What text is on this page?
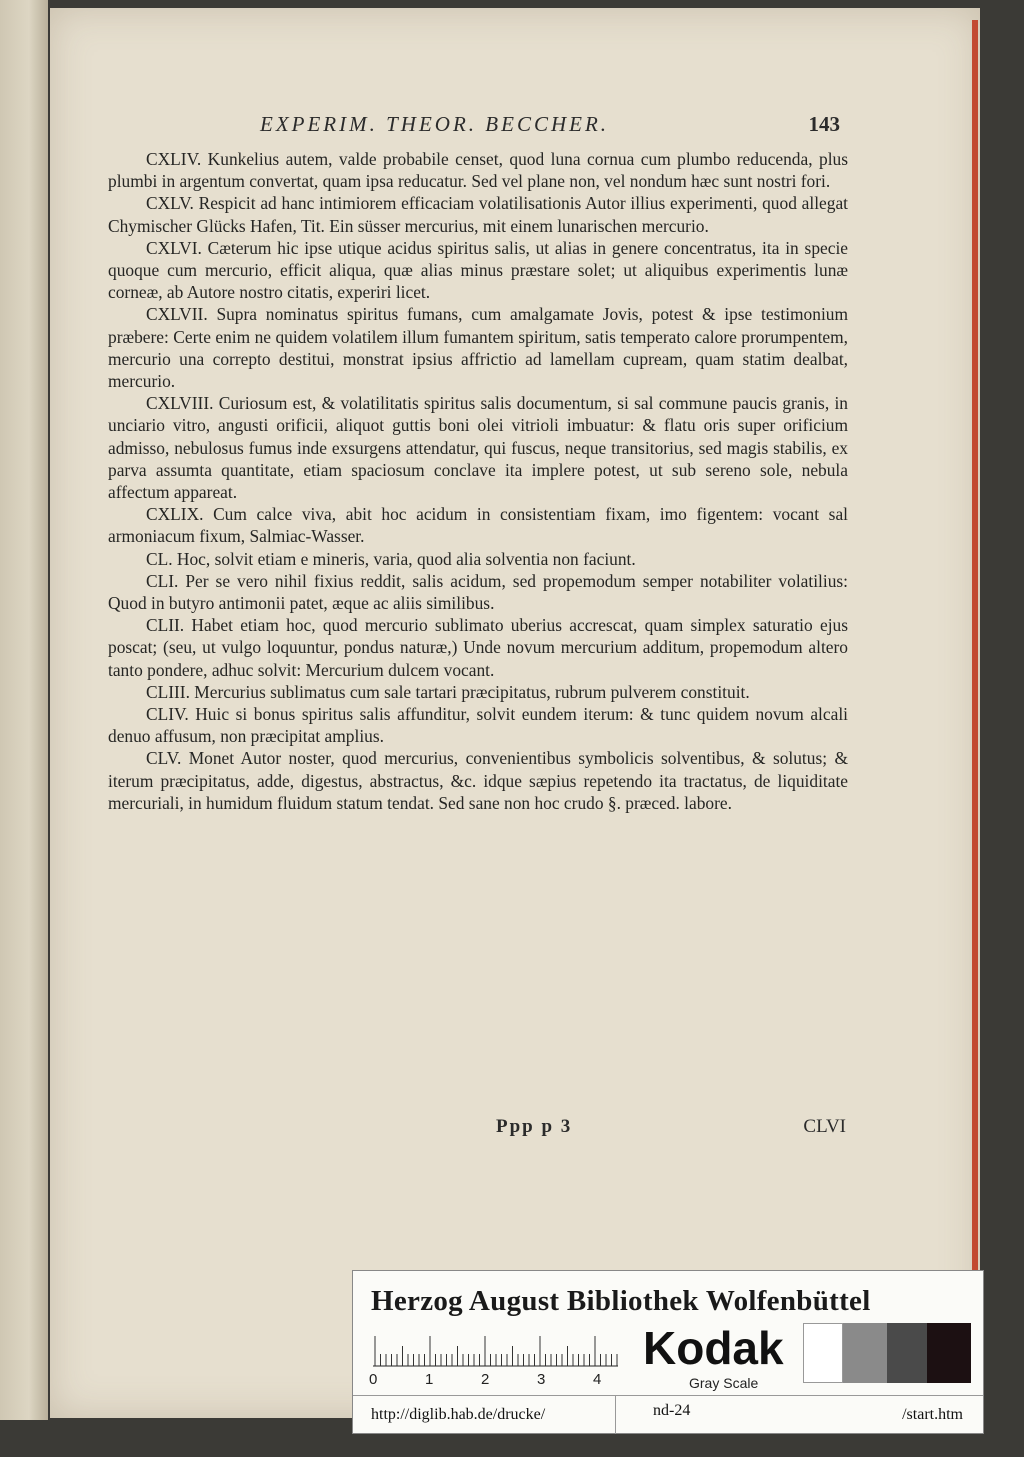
EXPERIM. THEOR. BECCHER.	143

CXLIV. Kunkelius autem, valde probabile censet, quod luna cornua cum plumbo reducenda, plus plumbi in argentum convertat, quam ipsa reducatur. Sed vel plane non, vel nondum hæc sunt nostri fori.

CXLV. Respicit ad hanc intimiorem efficaciam volatilisationis Autor illius experimenti, quod allegat Chymischer Glücks Hafen, Tit. Ein süsser mercurius, mit einem lunarischen mercurio.

CXLVI. Cæterum hic ipse utique acidus spiritus salis, ut alias in genere concentratus, ita in specie quoque cum mercurio, efficit aliqua, quæ alias minus præstare solet; ut aliquibus experimentis lunæ corneæ, ab Autore nostro citatis, experiri licet.

CXLVII. Supra nominatus spiritus fumans, cum amalgamate Jovis, potest & ipse testimonium præbere: Certe enim ne quidem volatilem illum fumantem spiritum, satis temperato calore prorumpentem, mercurio una correpto destitui, monstrat ipsius affrictio ad lamellam cupream, quam statim dealbat, mercurio.

CXLVIII. Curiosum est, & volatilitatis spiritus salis documentum, si sal commune paucis granis, in unciario vitro, angusti orificii, aliquot guttis boni olei vitrioli imbuatur: & flatu oris super orificium admisso, nebulosus fumus inde exsurgens attendatur, qui fuscus, neque transitorius, sed magis stabilis, ex parva assumta quantitate, etiam spaciosum conclave ita implere potest, ut sub sereno sole, nebula affectum appareat.

CXLIX. Cum calce viva, abit hoc acidum in consistentiam fixam, imo figentem: vocant sal armoniacum fixum, Salmiac-Wasser.

CL. Hoc, solvit etiam e mineris, varia, quod alia solventia non faciunt.

CLI. Per se vero nihil fixius reddit, salis acidum, sed propemodum semper notabiliter volatilius: Quod in butyro antimonii patet, æque ac aliis similibus.

CLII. Habet etiam hoc, quod mercurio sublimato uberius accrescat, quam simplex saturatio ejus poscat; (seu, ut vulgo loquuntur, pondus naturæ,) Unde novum mercurium additum, propemodum altero tanto pondere, adhuc solvit: Mercurium dulcem vocant.

CLIII. Mercurius sublimatus cum sale tartari præcipitatus, rubrum pulverem constituit.

CLIV. Huic si bonus spiritus salis affunditur, solvit eundem iterum: & tunc quidem novum alcali denuo affusum, non præcipitat amplius.

CLV. Monet Autor noster, quod mercurius, convenientibus symbolicis solventibus, & solutus; & iterum præcipitatus, adde, digestus, abstractus, &c. idque sæpius repetendo ita tractatus, de liquiditate mercuriali, in humidum fluidum statum tendat. Sed sane non hoc crudo §. præced. labore.

Ppp p 3	CLVI
Herzog August Bibliothek Wolfenbüttel
0	1	2	3	4
Kodak
Gray Scale
http://diglib.hab.de/drucke/	nd-24	/start.htm
